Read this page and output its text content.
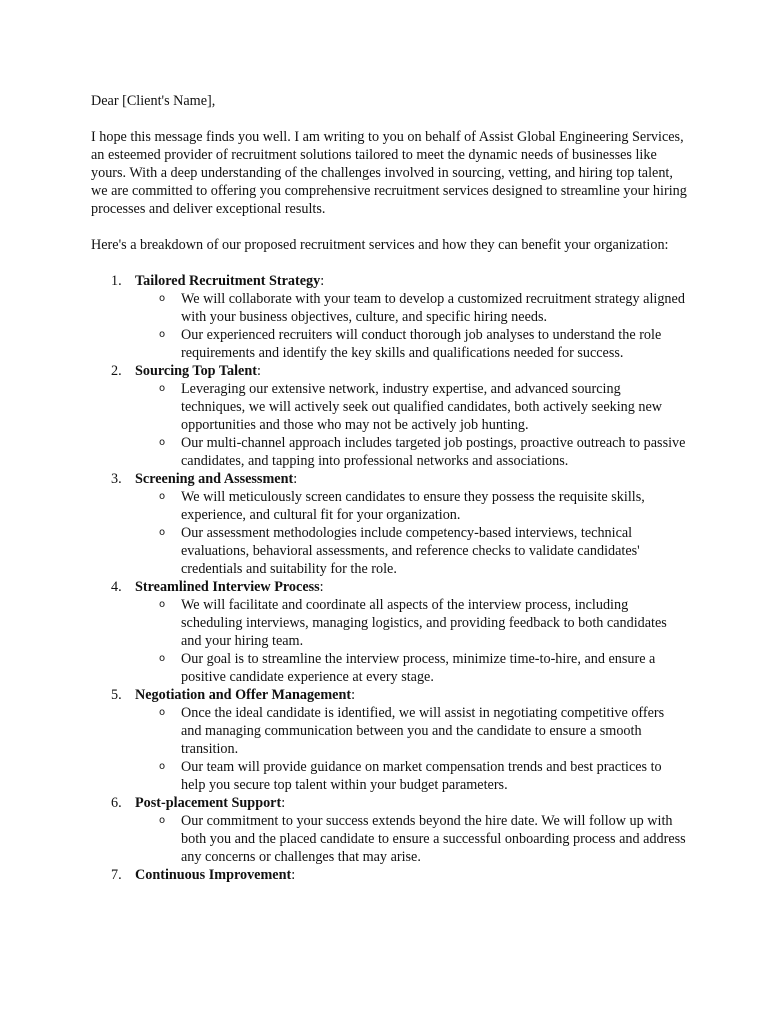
Dear [Client's Name],

I hope this message finds you well. I am writing to you on behalf of Assist Global Engineering Services, an esteemed provider of recruitment solutions tailored to meet the dynamic needs of businesses like yours. With a deep understanding of the challenges involved in sourcing, vetting, and hiring top talent, we are committed to offering you comprehensive recruitment services designed to streamline your hiring processes and deliver exceptional results.

Here's a breakdown of our proposed recruitment services and how they can benefit your organization:

1. Tailored Recruitment Strategy:
o We will collaborate with your team to develop a customized recruitment strategy aligned with your business objectives, culture, and specific hiring needs.
o Our experienced recruiters will conduct thorough job analyses to understand the role requirements and identify the key skills and qualifications needed for success.
2. Sourcing Top Talent:
o Leveraging our extensive network, industry expertise, and advanced sourcing techniques, we will actively seek out qualified candidates, both actively seeking new opportunities and those who may not be actively job hunting.
o Our multi-channel approach includes targeted job postings, proactive outreach to passive candidates, and tapping into professional networks and associations.
3. Screening and Assessment:
o We will meticulously screen candidates to ensure they possess the requisite skills, experience, and cultural fit for your organization.
o Our assessment methodologies include competency-based interviews, technical evaluations, behavioral assessments, and reference checks to validate candidates' credentials and suitability for the role.
4. Streamlined Interview Process:
o We will facilitate and coordinate all aspects of the interview process, including scheduling interviews, managing logistics, and providing feedback to both candidates and your hiring team.
o Our goal is to streamline the interview process, minimize time-to-hire, and ensure a positive candidate experience at every stage.
5. Negotiation and Offer Management:
o Once the ideal candidate is identified, we will assist in negotiating competitive offers and managing communication between you and the candidate to ensure a smooth transition.
o Our team will provide guidance on market compensation trends and best practices to help you secure top talent within your budget parameters.
6. Post-placement Support:
o Our commitment to your success extends beyond the hire date. We will follow up with both you and the placed candidate to ensure a successful onboarding process and address any concerns or challenges that may arise.
7. Continuous Improvement:
